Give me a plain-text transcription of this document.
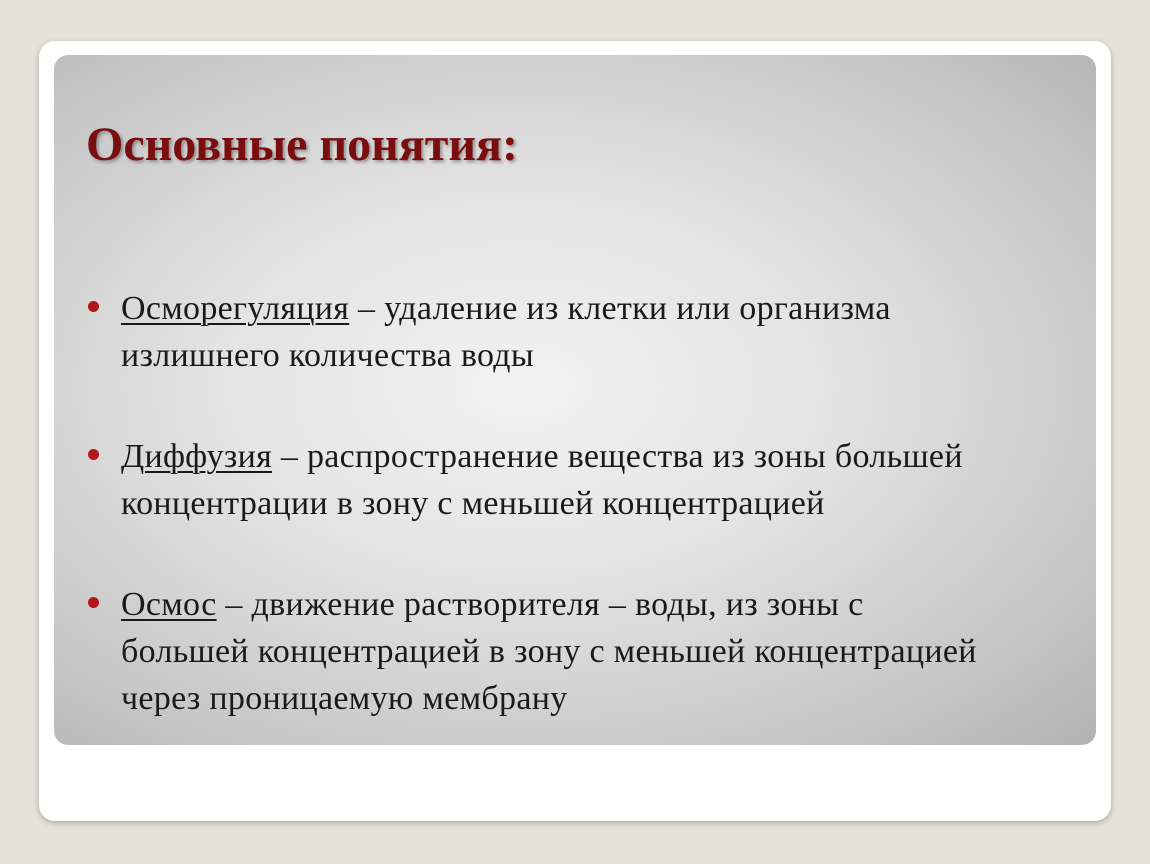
Основные понятия:
Осморегуляция – удаление из клетки или организма
излишнего количества воды
Диффузия – распространение вещества из зоны большей
концентрации в зону с меньшей концентрацией
Осмос – движение растворителя – воды, из зоны с
большей концентрацией в зону с меньшей концентрацией
через проницаемую мембрану
